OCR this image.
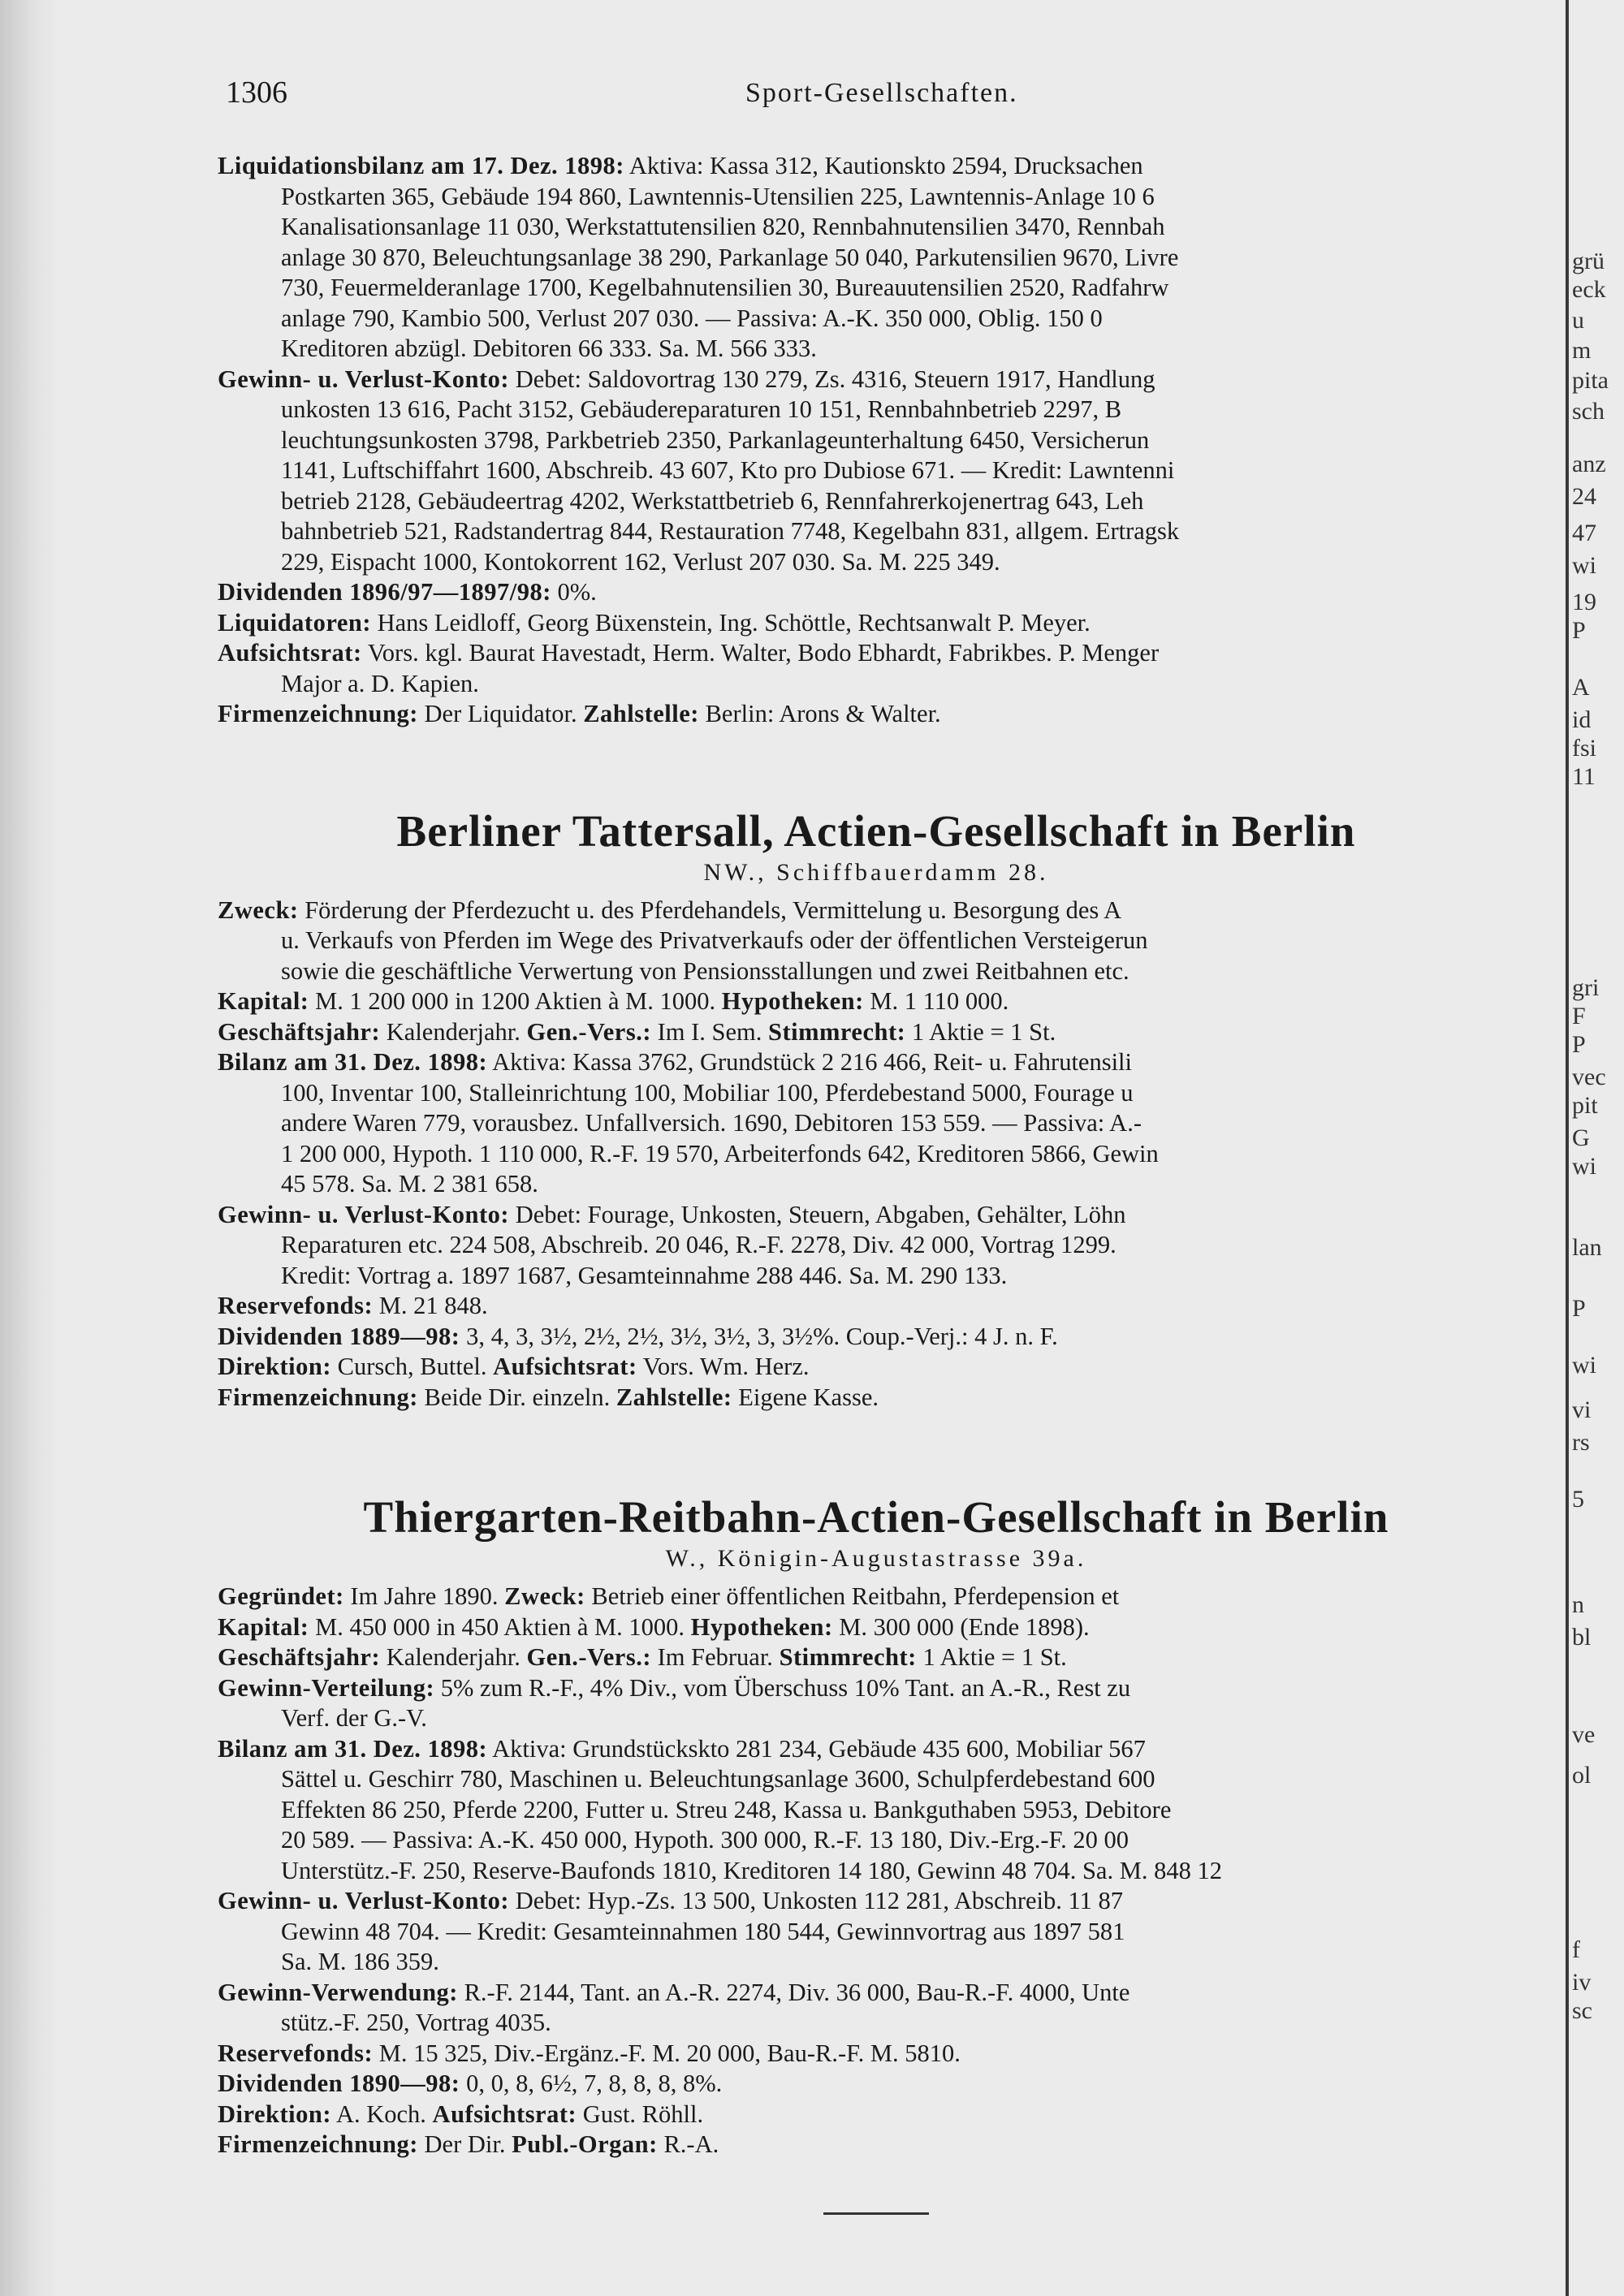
1306	Sport-Gesellschaften.

Liquidationsbilanz am 17. Dez. 1898: Aktiva: Kassa 312, Kautionskto 2594, Drucksachen
Postkarten 365, Gebäude 194 860, Lawntennis-Utensilien 225, Lawntennis-Anlage 10 6
Kanalisationsanlage 11 030, Werkstattutensilien 820, Rennbahnutensilien 3470, Rennbah
anlage 30 870, Beleuchtungsanlage 38 290, Parkanlage 50 040, Parkutensilien 9670, Livre
730, Feuermelderanlage 1700, Kegelbahnutensilien 30, Bureauutensilien 2520, Radfahrw
anlage 790, Kambio 500, Verlust 207 030. — Passiva: A.-K. 350 000, Oblig. 150 0
Kreditoren abzügl. Debitoren 66 333. Sa. M. 566 333.

Gewinn- u. Verlust-Konto: Debet: Saldovortrag 130 279, Zs. 4316, Steuern 1917, Handlung
unkosten 13 616, Pacht 3152, Gebäudereparaturen 10 151, Rennbahnbetrieb 2297, B
leuchtungsunkosten 3798, Parkbetrieb 2350, Parkanlageunterhaltung 6450, Versicherun
1141, Luftschiffahrt 1600, Abschreib. 43 607, Kto pro Dubiose 671. — Kredit: Lawntenni
betrieb 2128, Gebäudeertrag 4202, Werkstattbetrieb 6, Rennfahrerkojenertrag 643, Leh
bahnbetrieb 521, Radstandertrag 844, Restauration 7748, Kegelbahn 831, allgem. Ertragsk
229, Eispacht 1000, Kontokorrent 162, Verlust 207 030. Sa. M. 225 349.

Dividenden 1896/97—1897/98: 0%.

Liquidatoren: Hans Leidloff, Georg Büxenstein, Ing. Schöttle, Rechtsanwalt P. Meyer.

Aufsichtsrat: Vors. kgl. Baurat Havestadt, Herm. Walter, Bodo Ebhardt, Fabrikbes. P. Menger
Major a. D. Kapien.

Firmenzeichnung: Der Liquidator. Zahlstelle: Berlin: Arons & Walter.

Berliner Tattersall, Actien-Gesellschaft in Berlin

NW., Schiffbauerdamm 28.

Zweck: Förderung der Pferdezucht u. des Pferdehandels, Vermittelung u. Besorgung des A
u. Verkaufs von Pferden im Wege des Privatverkaufs oder der öffentlichen Versteigerun
sowie die geschäftliche Verwertung von Pensionsstallungen und zwei Reitbahnen etc.

Kapital: M. 1 200 000 in 1200 Aktien à M. 1000. Hypotheken: M. 1 110 000.

Geschäftsjahr: Kalenderjahr. Gen.-Vers.: Im I. Sem. Stimmrecht: 1 Aktie = 1 St.

Bilanz am 31. Dez. 1898: Aktiva: Kassa 3762, Grundstück 2 216 466, Reit- u. Fahrutensili
100, Inventar 100, Stalleinrichtung 100, Mobiliar 100, Pferdebestand 5000, Fourage u
andere Waren 779, vorausbez. Unfallversich. 1690, Debitoren 153 559. — Passiva: A.-
1 200 000, Hypoth. 1 110 000, R.-F. 19 570, Arbeiterfonds 642, Kreditoren 5866, Gewin
45 578. Sa. M. 2 381 658.

Gewinn- u. Verlust-Konto: Debet: Fourage, Unkosten, Steuern, Abgaben, Gehälter, Löhn
Reparaturen etc. 224 508, Abschreib. 20 046, R.-F. 2278, Div. 42 000, Vortrag 1299.
Kredit: Vortrag a. 1897 1687, Gesamteinnahme 288 446. Sa. M. 290 133.

Reservefonds: M. 21 848.

Dividenden 1889—98: 3, 4, 3, 3½, 2½, 2½, 3½, 3½, 3, 3½%. Coup.-Verj.: 4 J. n. F.

Direktion: Cursch, Buttel. Aufsichtsrat: Vors. Wm. Herz.

Firmenzeichnung: Beide Dir. einzeln. Zahlstelle: Eigene Kasse.

Thiergarten-Reitbahn-Actien-Gesellschaft in Berlin

W., Königin-Augustastrasse 39a.

Gegründet: Im Jahre 1890. Zweck: Betrieb einer öffentlichen Reitbahn, Pferdepension et

Kapital: M. 450 000 in 450 Aktien à M. 1000. Hypotheken: M. 300 000 (Ende 1898).

Geschäftsjahr: Kalenderjahr. Gen.-Vers.: Im Februar. Stimmrecht: 1 Aktie = 1 St.

Gewinn-Verteilung: 5% zum R.-F., 4% Div., vom Überschuss 10% Tant. an A.-R., Rest zu
Verf. der G.-V.

Bilanz am 31. Dez. 1898: Aktiva: Grundstückskto 281 234, Gebäude 435 600, Mobiliar 567
Sättel u. Geschirr 780, Maschinen u. Beleuchtungsanlage 3600, Schulpferdebestand 600
Effekten 86 250, Pferde 2200, Futter u. Streu 248, Kassa u. Bankguthaben 5953, Debitore
20 589. — Passiva: A.-K. 450 000, Hypoth. 300 000, R.-F. 13 180, Div.-Erg.-F. 20 00
Unterstütz.-F. 250, Reserve-Baufonds 1810, Kreditoren 14 180, Gewinn 48 704. Sa. M. 848 12

Gewinn- u. Verlust-Konto: Debet: Hyp.-Zs. 13 500, Unkosten 112 281, Abschreib. 11 87
Gewinn 48 704. — Kredit: Gesamteinnahmen 180 544, Gewinnvortrag aus 1897 581
Sa. M. 186 359.

Gewinn-Verwendung: R.-F. 2144, Tant. an A.-R. 2274, Div. 36 000, Bau-R.-F. 4000, Unte
stütz.-F. 250, Vortrag 4035.

Reservefonds: M. 15 325, Div.-Ergänz.-F. M. 20 000, Bau-R.-F. M. 5810.

Dividenden 1890—98: 0, 0, 8, 6½, 7, 8, 8, 8, 8%.

Direktion: A. Koch. Aufsichtsrat: Gust. Röhll.

Firmenzeichnung: Der Dir. Publ.-Organ: R.-A.

grü
eck
u
m
pita
sch
anz
24
47
wi
19
P
A
id
fsi
11
gri
F
P
vec
pit
G
wi
lan
P
wi
vi
rs
5
n
bl
ve
ol
f
iv
sc
